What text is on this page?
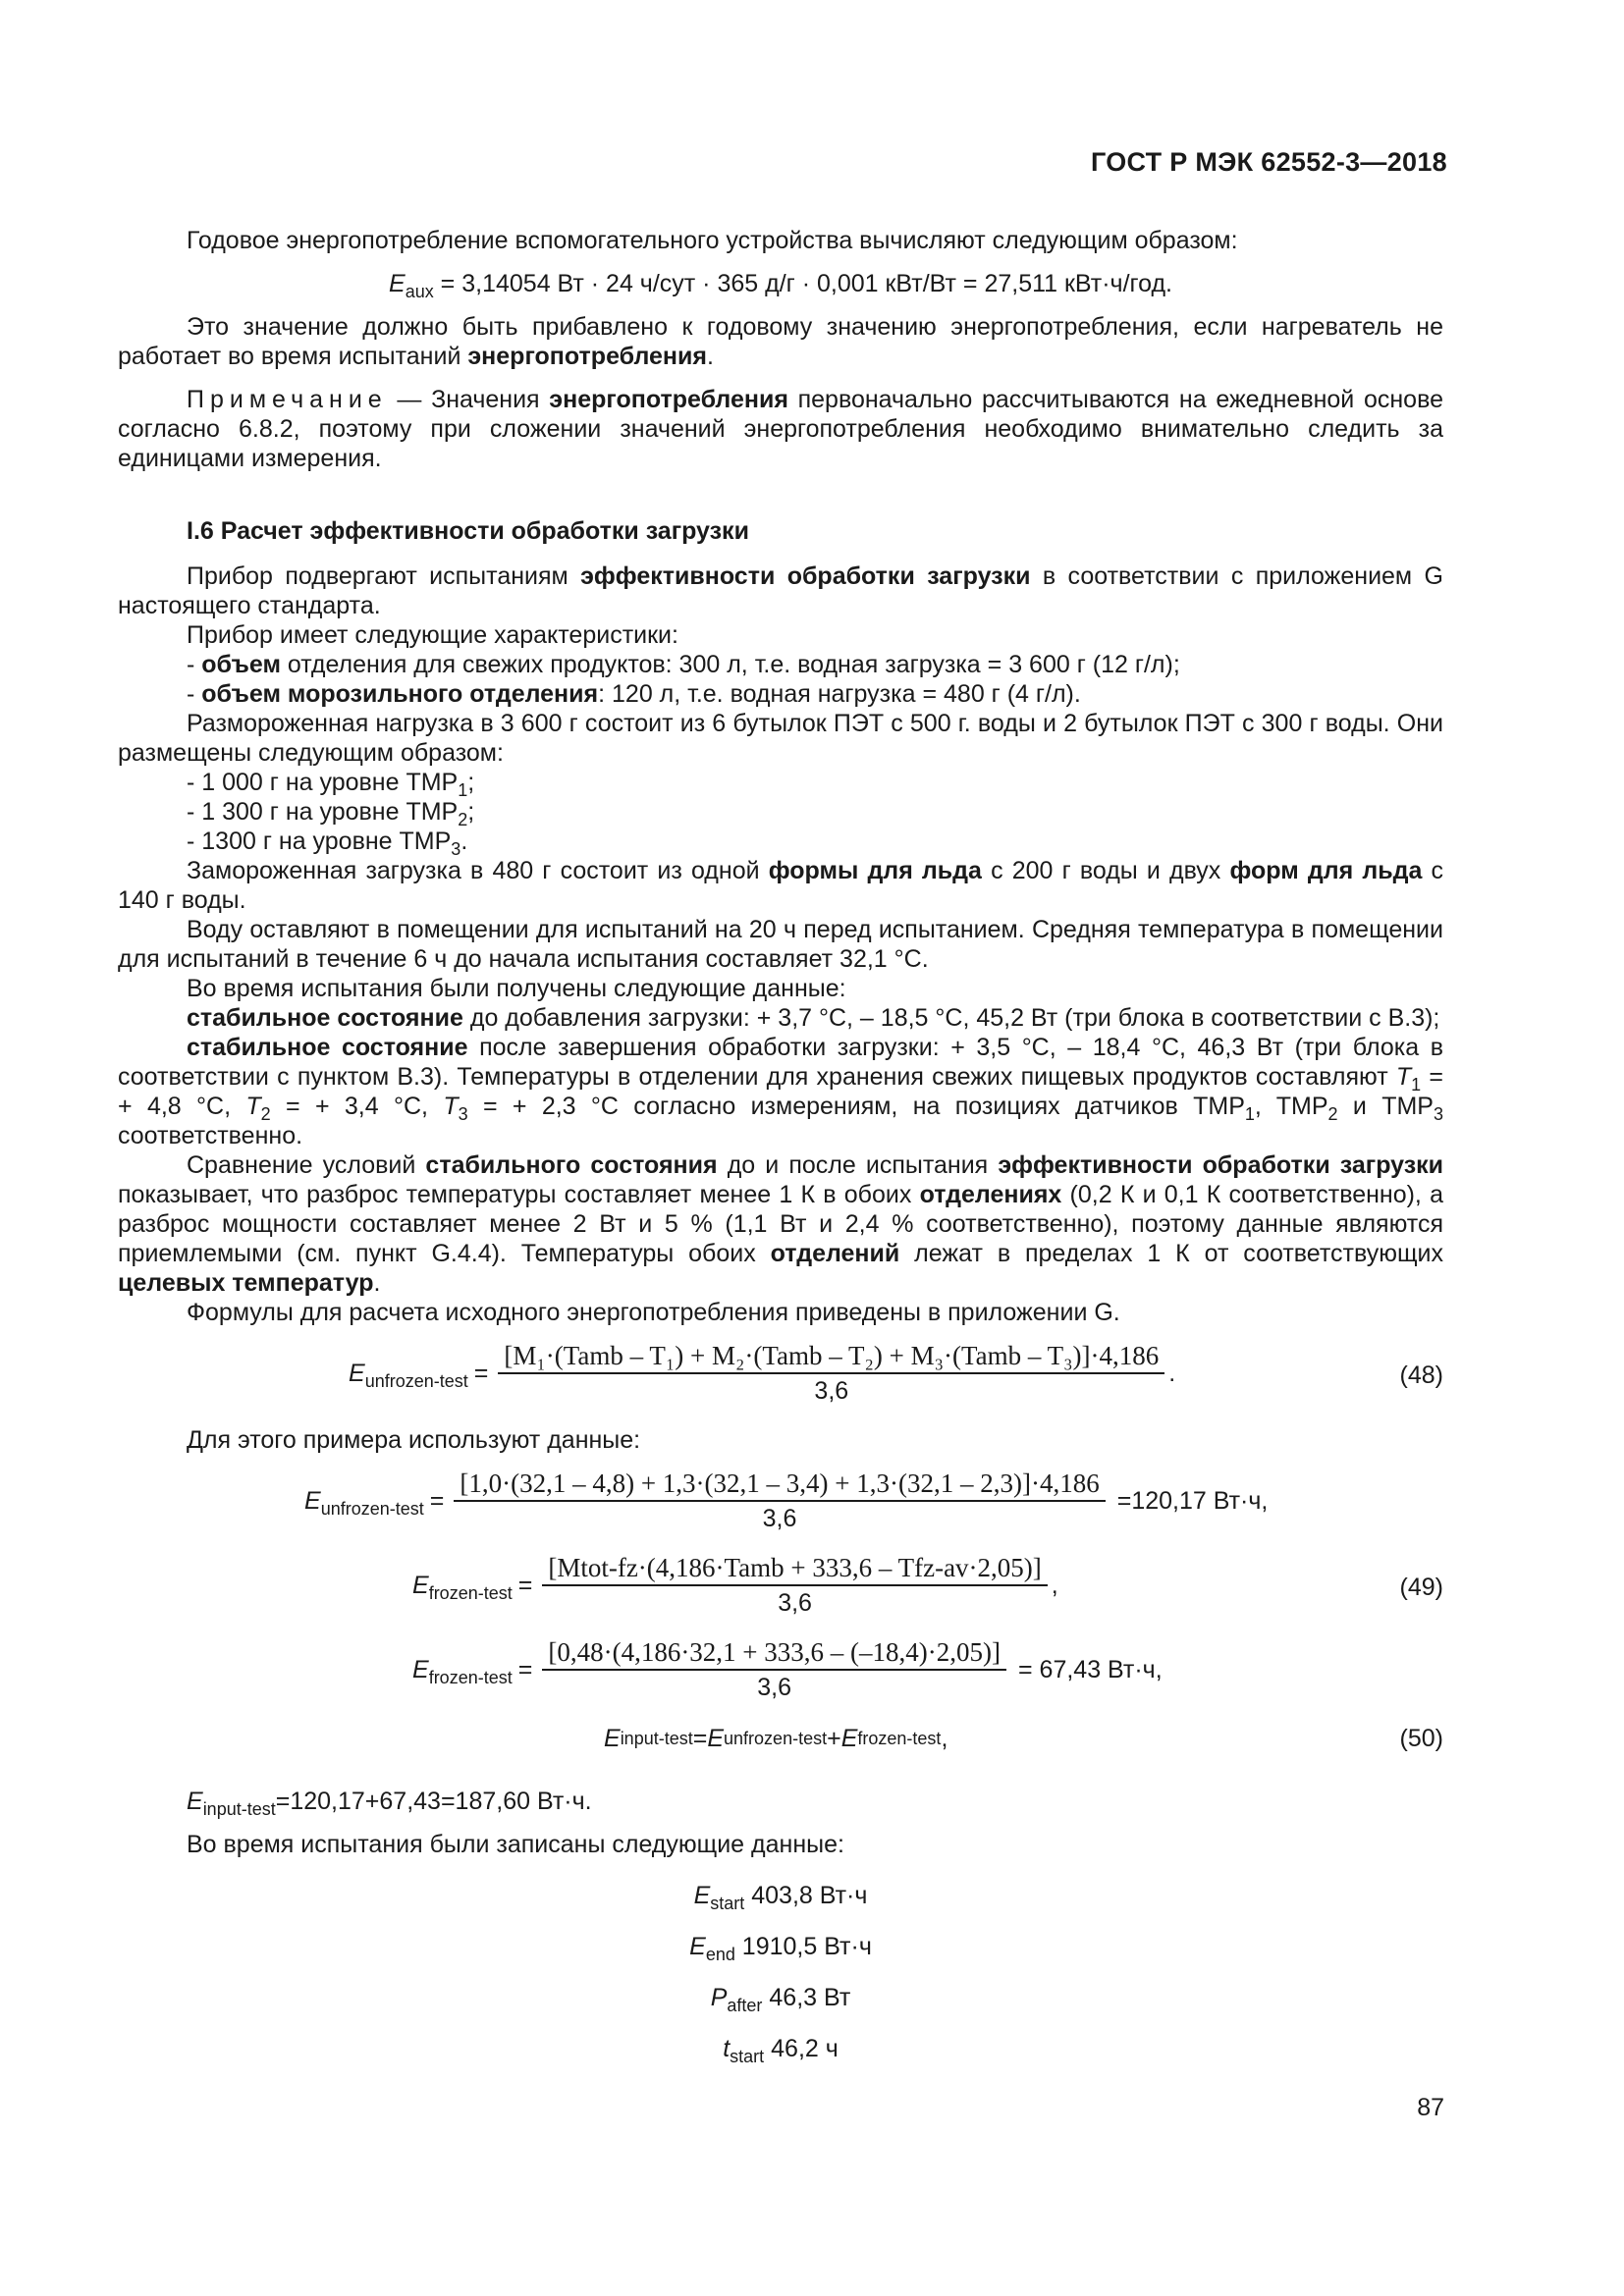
ГОСТ Р МЭК 62552-3—2018

Годовое энергопотребление вспомогательного устройства вычисляют следующим образом:

$E_{aux} = 3,14054$ Вт · 24 ч/сут · 365 д/г · 0,001 кВт/Вт = 27,511 кВт·ч/год.

Это значение должно быть прибавлено к годовому значению энергопотребления, если нагреватель не работает во время испытаний энергопотребления.

Примечание — Значения энергопотребления первоначально рассчитываются на ежедневной основе согласно 6.8.2, поэтому при сложении значений энергопотребления необходимо внимательно следить за единицами измерения.

I.6 Расчет эффективности обработки загрузки

Прибор подвергают испытаниям эффективности обработки загрузки в соответствии с приложением G настоящего стандарта.

Прибор имеет следующие характеристики:

- объем отделения для свежих продуктов: 300 л, т.е. водная загрузка = 3 600 г (12 г/л);

- объем морозильного отделения: 120 л, т.е. водная нагрузка = 480 г (4 г/л).

Размороженная нагрузка в 3 600 г состоит из 6 бутылок ПЭТ с 500 г. воды и 2 бутылок ПЭТ с 300 г воды. Они размещены следующим образом:

- 1 000 г на уровне $TMP_1$;

- 1 300 г на уровне $TMP_2$;

- 1300 г на уровне $TMP_3$.

Замороженная загрузка в 480 г состоит из одной формы для льда с 200 г воды и двух форм для льда с 140 г воды.

Воду оставляют в помещении для испытаний на 20 ч перед испытанием. Средняя температура в помещении для испытаний в течение 6 ч до начала испытания составляет 32,1 °С.

Во время испытания были получены следующие данные:

стабильное состояние до добавления загрузки: + 3,7 °С, – 18,5 °С, 45,2 Вт (три блока в соответствии с В.3);

стабильное состояние после завершения обработки загрузки: + 3,5 °С, – 18,4 °С, 46,3 Вт (три блока в соответствии с пунктом В.3). Температуры в отделении для хранения свежих пищевых продуктов составляют $T_1$ = + 4,8 °С, $T_2$ = + 3,4 °С, $T_3$ = + 2,3 °С согласно измерениям, на позициях датчиков $TMP_1$, $TMP_2$ и $TMP_3$ соответственно.

Сравнение условий стабильного состояния до и после испытания эффективности обработки загрузки показывает, что разброс температуры составляет менее 1 К в обоих отделениях (0,2 К и 0,1 К соответственно), а разброс мощности составляет менее 2 Вт и 5 % (1,1 Вт и 2,4 % соответственно), поэтому данные являются приемлемыми (см. пункт G.4.4). Температуры обоих отделений лежат в пределах 1 К от соответствующих целевых температур.

Формулы для расчета исходного энергопотребления приведены в приложении G.

$E_{unfrozen-test} = \frac{\text{[M₁·(Tamb – T₁) + M₂·(Tamb – T₂) + M₃·(Tamb – T₃)]·4,186}}{3,6}$ .	(48)

Для этого примера используют данные:

$E_{unfrozen-test}$ =
[1,0·(32,1 – 4,8) + 1,3·(32,1 – 3,4) + 1,3·(32,1 – 2,3)]·4,186
3,6
=120,17 Вт·ч,
$E_{frozen-test} = \frac{\text{[Mtot-fz·(4,186·Tamb + 333,6 – Tfz-av·2,05)]}}{3,6}$ ,	(49)
$E_{frozen-test} = \frac{[0,48\cdot(4,186\cdot 32,1 + 333,6 - (-18,4)\cdot 2,05)]}{3,6} = 67,43$ Вт·ч,
E input-test = E unfrozen-test + E frozen-test ,	(50)

$E_{input-test}=120,17+67,43=187,60$ Вт·ч.

Во время испытания были записаны следующие данные:

$E_{start}$ 403,8 Вт·ч
$E_{end}$ 1910,5 Вт·ч
$P_{after}$ 46,3 Вт
$t_{start}$ 46,2 ч
87
